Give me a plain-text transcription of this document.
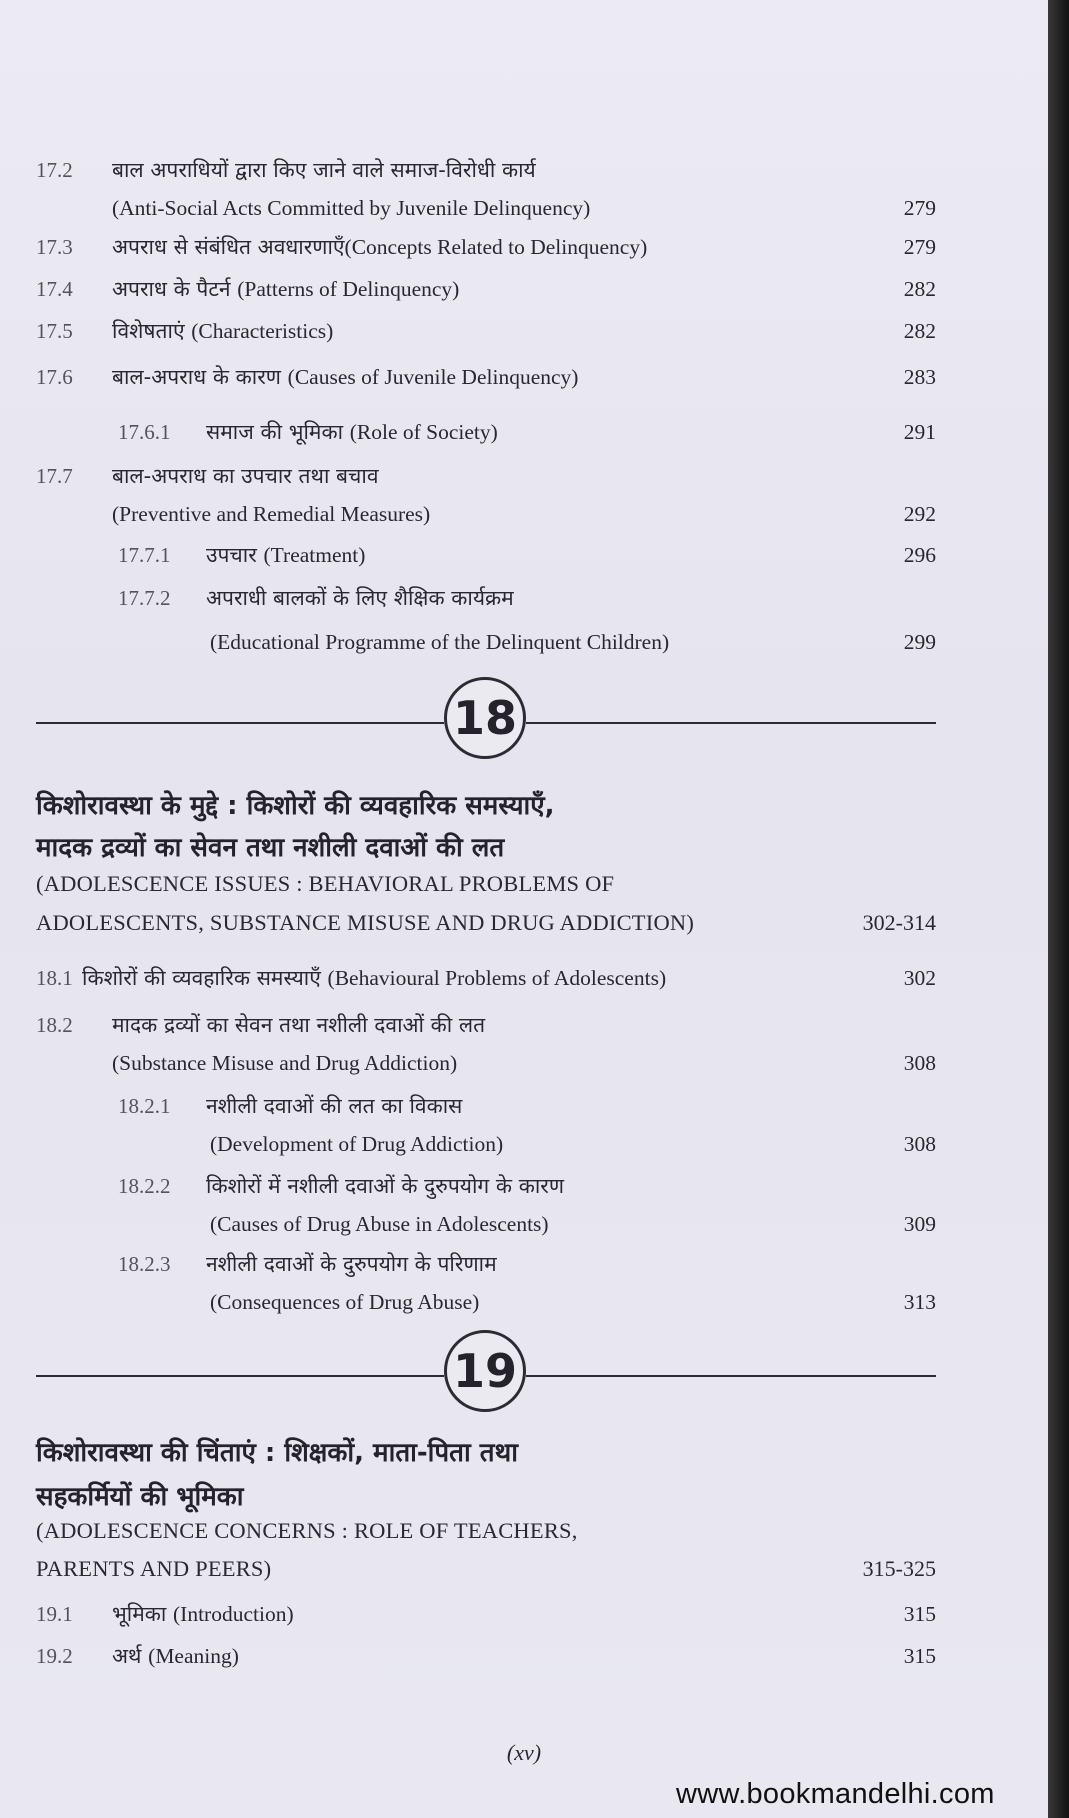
17.2 बाल अपराधियों द्वारा किए जाने वाले समाज-विरोधी कार्य
(Anti-Social Acts Committed by Juvenile Delinquency)	279
17.3 अपराध से संबंधित अवधारणाएँ(Concepts Related to Delinquency)	279
17.4 अपराध के पैटर्न (Patterns of Delinquency)	282
17.5 विशेषताएं (Characteristics)	282
17.6 बाल-अपराध के कारण (Causes of Juvenile Delinquency)	283
17.6.1 समाज की भूमिका (Role of Society)	291
17.7 बाल-अपराध का उपचार तथा बचाव
(Preventive and Remedial Measures)	292
17.7.1 उपचार (Treatment)	296
17.7.2 अपराधी बालकों के लिए शैक्षिक कार्यक्रम
(Educational Programme of the Delinquent Children)	299
18
किशोरावस्था के मुद्दे : किशोरों की व्यवहारिक समस्याएँ,
मादक द्रव्यों का सेवन तथा नशीली दवाओं की लत
(ADOLESCENCE ISSUES : BEHAVIORAL PROBLEMS OF
ADOLESCENTS, SUBSTANCE MISUSE AND DRUG ADDICTION)	302-314
18.1 किशोरों की व्यवहारिक समस्याएँ (Behavioural Problems of Adolescents)	302
18.2 मादक द्रव्यों का सेवन तथा नशीली दवाओं की लत
(Substance Misuse and Drug Addiction)	308
18.2.1 नशीली दवाओं की लत का विकास
(Development of Drug Addiction)	308
18.2.2 किशोरों में नशीली दवाओं के दुरुपयोग के कारण
(Causes of Drug Abuse in Adolescents)	309
18.2.3 नशीली दवाओं के दुरुपयोग के परिणाम
(Consequences of Drug Abuse)	313
19
किशोरावस्था की चिंताएं : शिक्षकों, माता-पिता तथा
सहकर्मियों की भूमिका
(ADOLESCENCE CONCERNS : ROLE OF TEACHERS,
PARENTS AND PEERS)	315-325
19.1 भूमिका (Introduction)	315
19.2 अर्थ (Meaning)	315
(xv)
www.bookmandelhi.com
